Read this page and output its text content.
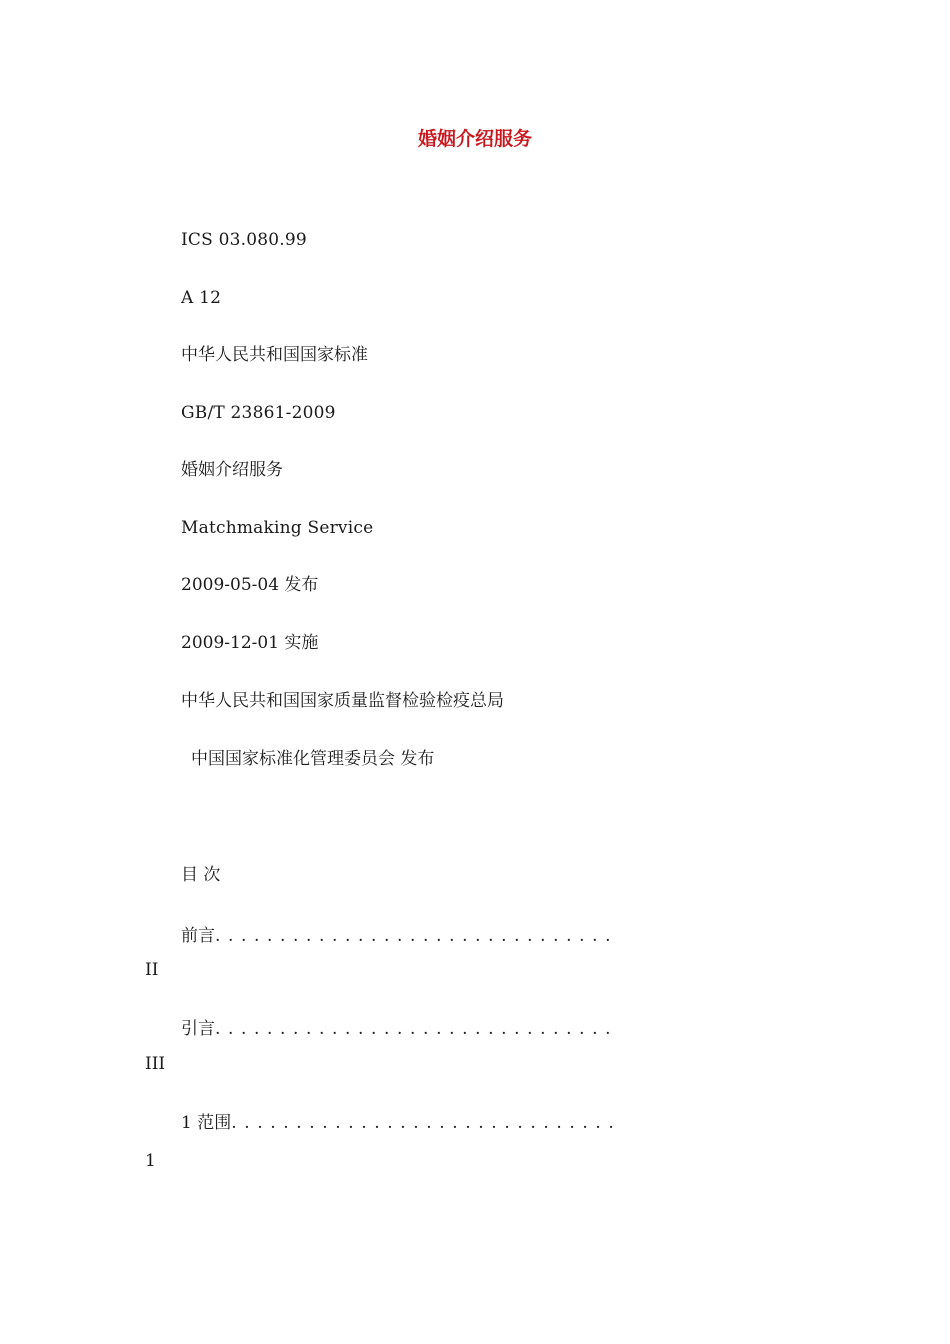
婚姻介绍服务
ICS 03.080.99
A 12
中华人民共和国国家标准
GB/T 23861-2009
婚姻介绍服务
Matchmaking Service
2009-05-04 发布
2009-12-01 实施
中华人民共和国国家质量监督检验检疫总局
中国国家标准化管理委员会 发布
目 次
前言...............................
II
引言...............................
III
1 范围..............................
1
